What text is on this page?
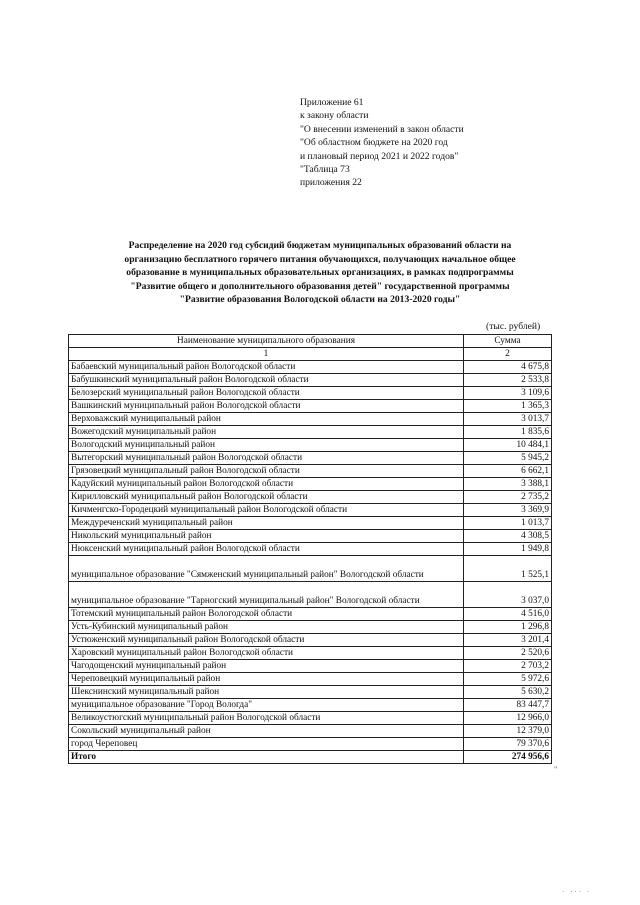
Приложение 61
к закону области
"О внесении изменений в закон области
"Об областном бюджете на 2020 год
и плановый период 2021 и 2022 годов"
"Таблица 73
приложения 22
Распределение на 2020 год субсидий бюджетам муниципальных образований области на
организацию бесплатного горячего питания обучающихся, получающих начальное общее
образование в муниципальных образовательных организациях, в рамках подпрограммы
"Развитие общего и дополнительного образования детей" государственной программы
"Развитие образования Вологодской области на 2013-2020 годы"
(тыс. рублей)
Наименование муниципального образования	Сумма
1	2
Бабаевский муниципальный район Вологодской области	4 675,8
Бабушкинский муниципальный район Вологодской области	2 533,8
Белозерский муниципальный район Вологодской области	3 109,6
Вашкинский муниципальный район Вологодской области	1 365,3
Верховажский муниципальный район	3 013,7
Вожегодский муниципальный район	1 835,6
Вологодский муниципальный район	10 484,1
Вытегорский муниципальный район Вологодской области	5 945,2
Грязовецкий муниципальный район Вологодской области	6 662,1
Кадуйский муниципальный район Вологодской области	3 388,1
Кирилловский муниципальный район Вологодской области	2 735,2
Кичменгско-Городецкий муниципальный район Вологодской области	3 369,9
Междуреченский муниципальный район	1 013,7
Никольский муниципальный район	4 308,5
Нюксенский муниципальный район Вологодской области	1 949,8
муниципальное образование "Сямженский муниципальный район" Вологодской области	1 525,1
муниципальное образование "Тарногский муниципальный район" Вологодской области	3 037,0
Тотемский муниципальный район Вологодской области	4 516,0
Усть-Кубинский муниципальный район	1 296,8
Устюженский муниципальный район Вологодской области	3 201,4
Харовский муниципальный район Вологодской области	2 520,6
Чагодощенский муниципальный район	2 703,2
Череповецкий муниципальный район	5 972,6
Шекснинский муниципальный район	5 630,2
муниципальное образование "Город Вологда"	83 447,7
Великоустюгский муниципальный район Вологодской области	12 966,0
Сокольский муниципальный район	12 379,0
город Череповец	79 370,6
Итого	274 956,6
"
· ··· ·
